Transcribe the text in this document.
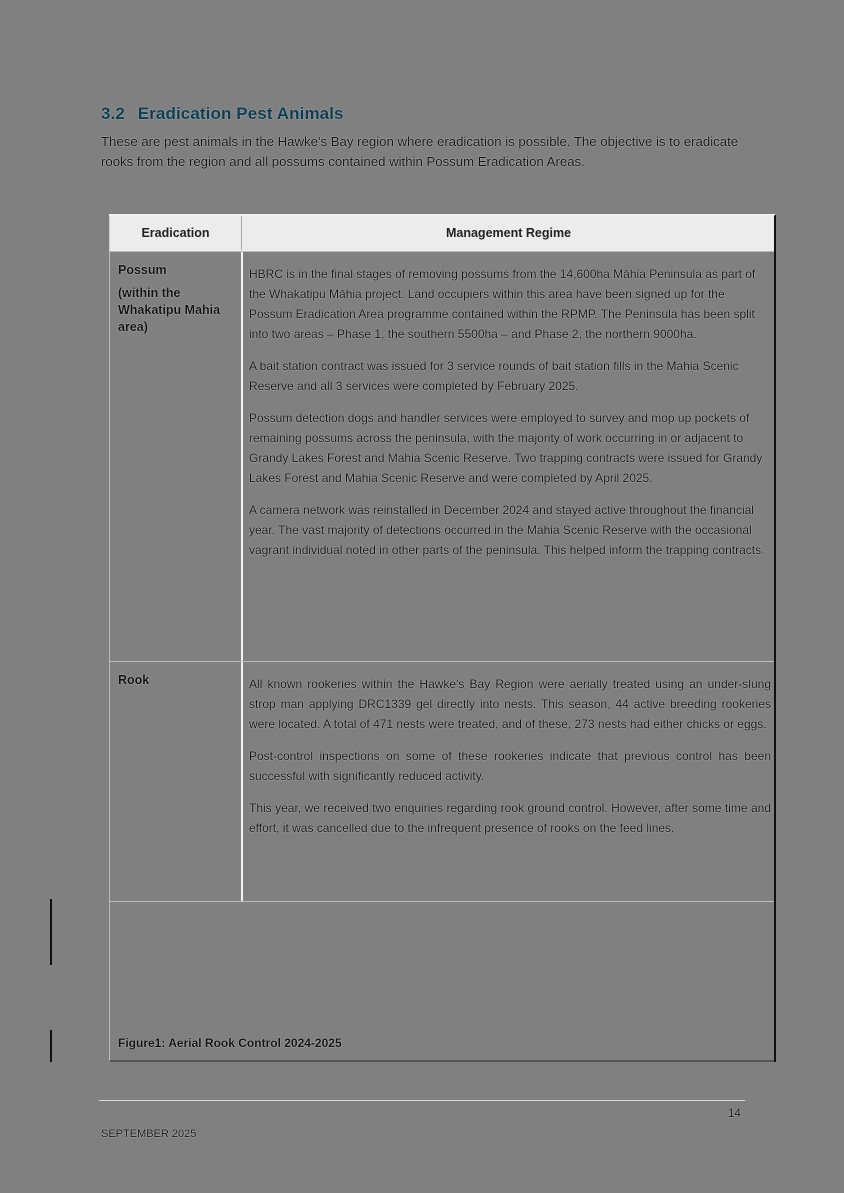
3.2 Eradication Pest Animals
These are pest animals in the Hawke's Bay region where eradication is possible. The objective is to eradicate rooks from the region and all possums contained within Possum Eradication Areas.
Eradication	Management Regime

Possum

(within the Whakatipu Mahia area)

HBRC is in the final stages of removing possums from the 14,600ha Māhia Peninsula as part of the Whakatipu Māhia project. Land occupiers within this area have been signed up for the Possum Eradication Area programme contained within the RPMP. The Peninsula has been split into two areas – Phase 1, the southern 5500ha – and Phase 2, the northern 9000ha.

A bait station contract was issued for 3 service rounds of bait station fills in the Mahia Scenic Reserve and all 3 services were completed by February 2025.

Possum detection dogs and handler services were employed to survey and mop up pockets of remaining possums across the peninsula, with the majority of work occurring in or adjacent to Grandy Lakes Forest and Mahia Scenic Reserve. Two trapping contracts were issued for Grandy Lakes Forest and Mahia Scenic Reserve and were completed by April 2025.

A camera network was reinstalled in December 2024 and stayed active throughout the financial year. The vast majority of detections occurred in the Mahia Scenic Reserve with the occasional vagrant individual noted in other parts of the peninsula. This helped inform the trapping contracts.

Rook	All known rookeries within the Hawke's Bay Region were aerially treated using an under-slung strop man applying DRC1339 gel directly into nests. This season, 44 active breeding rookeries were located. A total of 471 nests were treated, and of these, 273 nests had either chicks or eggs.

Post-control inspections on some of these rookeries indicate that previous control has been successful with significantly reduced activity.

This year, we received two enquiries regarding rook ground control. However, after some time and effort, it was cancelled due to the infrequent presence of rooks on the feed lines.

Figure1: Aerial Rook Control 2024-2025
14
SEPTEMBER 2025
